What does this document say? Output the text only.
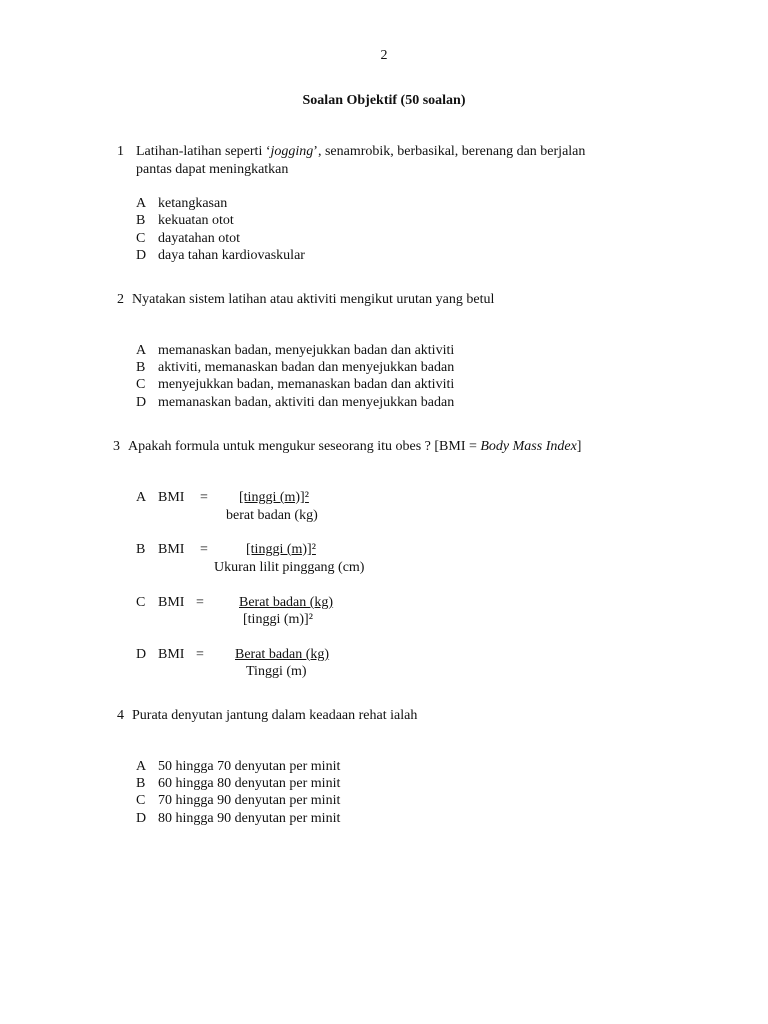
2
Soalan Objektif (50 soalan)
1 Latihan-latihan seperti ‘jogging’, senamrobik, berbasikal, berenang dan berjalan
pantas dapat meningkatkan
A ketangkasan
B kekuatan otot
C dayatahan otot
D daya tahan kardiovaskular
2 Nyatakan sistem latihan atau aktiviti mengikut urutan yang betul
A memanaskan badan, menyejukkan badan dan aktiviti
B aktiviti, memanaskan badan dan menyejukkan badan
C menyejukkan badan, memanaskan badan dan aktiviti
D memanaskan badan, aktiviti dan menyejukkan badan
3 Apakah formula untuk mengukur seseorang itu obes ? [BMI = Body Mass Index]
A BMI = [tinggi (m)]²
berat badan (kg)
B BMI =	[tinggi (m)]²
Ukuran lilit pinggang (cm)
C BMI =	Berat badan (kg)
[tinggi (m)]²
D BMI = Berat badan (kg)
Tinggi (m)
4 Purata denyutan jantung dalam keadaan rehat ialah
A 50 hingga 70 denyutan per minit
B 60 hingga 80 denyutan per minit
C 70 hingga 90 denyutan per minit
D 80 hingga 90 denyutan per minit
